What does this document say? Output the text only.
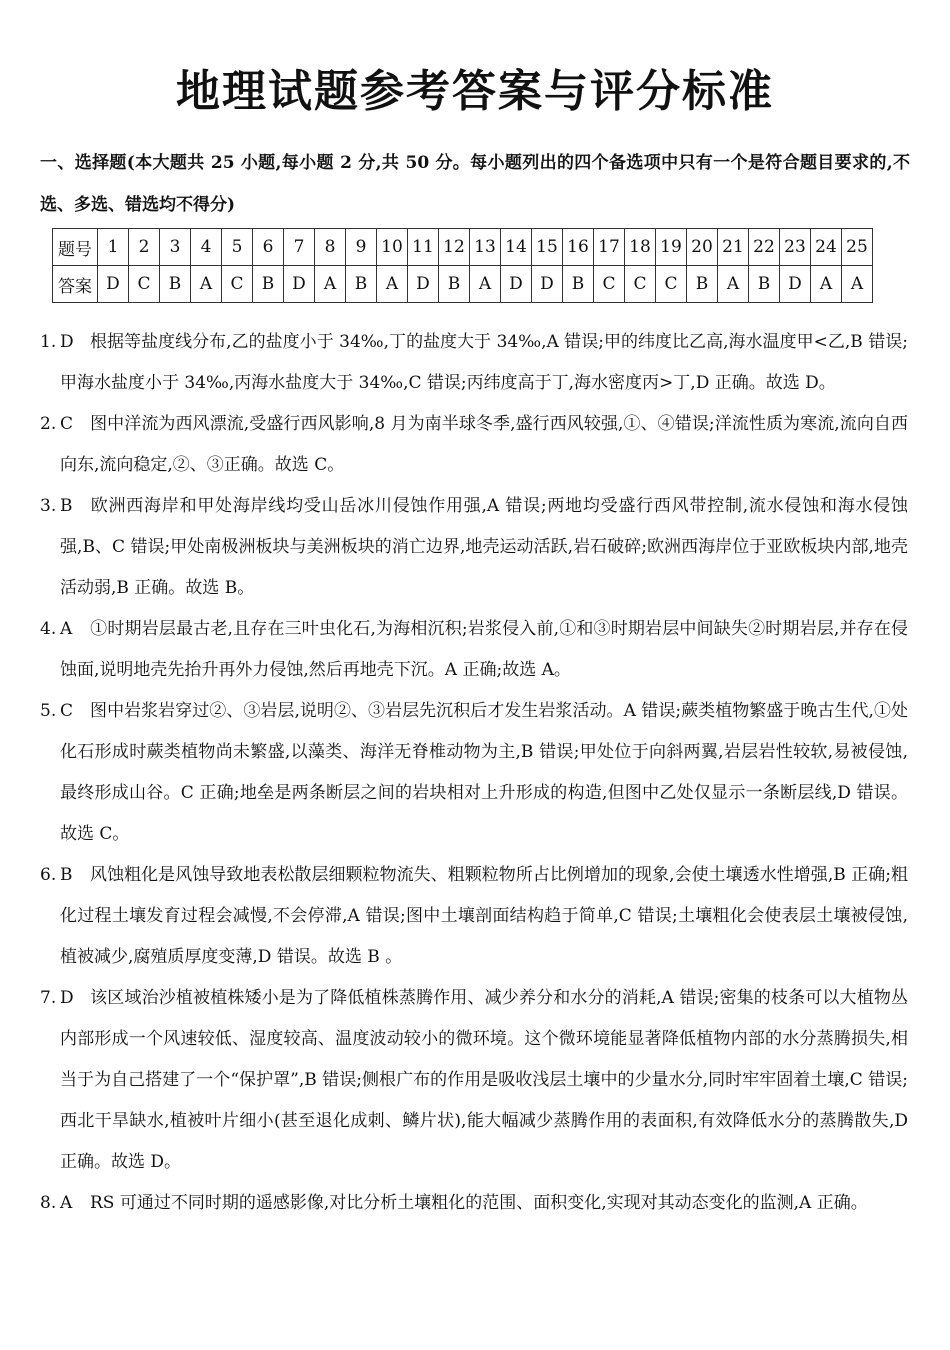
地理试题参考答案与评分标准
一、选择题(本大题共 25 小题,每小题 2 分,共 50 分。每小题列出的四个备选项中只有一个是符合题目要求的,不选、多选、错选均不得分)
题号	1	2	3	4	5	6	7	8	9	10	11	12	13	14	15	16	17	18	19	20	21	22	23	24	25
答案	D	C	B	A	C	B	D	A	B	A	D	B	A	D	D	B	C	C	C	B	A	B	D	A	A
1. D 根据等盐度线分布,乙的盐度小于 34‰,丁的盐度大于 34‰,A 错误;甲的纬度比乙高,海水温度甲<乙,B 错误;甲海水盐度小于 34‰,丙海水盐度大于 34‰,C 错误;丙纬度高于丁,海水密度丙>丁,D 正确。故选 D。
2. C 图中洋流为西风漂流,受盛行西风影响,8 月为南半球冬季,盛行西风较强,①、④错误;洋流性质为寒流,流向自西向东,流向稳定,②、③正确。故选 C。
3. B 欧洲西海岸和甲处海岸线均受山岳冰川侵蚀作用强,A 错误;两地均受盛行西风带控制,流水侵蚀和海水侵蚀强,B、C 错误;甲处南极洲板块与美洲板块的消亡边界,地壳运动活跃,岩石破碎;欧洲西海岸位于亚欧板块内部,地壳活动弱,B 正确。故选 B。
4. A ①时期岩层最古老,且存在三叶虫化石,为海相沉积;岩浆侵入前,①和③时期岩层中间缺失②时期岩层,并存在侵蚀面,说明地壳先抬升再外力侵蚀,然后再地壳下沉。A 正确;故选 A。
5. C 图中岩浆岩穿过②、③岩层,说明②、③岩层先沉积后才发生岩浆活动。A 错误;蕨类植物繁盛于晚古生代,①处化石形成时蕨类植物尚未繁盛,以藻类、海洋无脊椎动物为主,B 错误;甲处位于向斜两翼,岩层岩性较软,易被侵蚀,最终形成山谷。C 正确;地垒是两条断层之间的岩块相对上升形成的构造,但图中乙处仅显示一条断层线,D 错误。故选 C。
6. B 风蚀粗化是风蚀导致地表松散层细颗粒物流失、粗颗粒物所占比例增加的现象,会使土壤透水性增强,B 正确;粗化过程土壤发育过程会减慢,不会停滞,A 错误;图中土壤剖面结构趋于简单,C 错误;土壤粗化会使表层土壤被侵蚀,植被减少,腐殖质厚度变薄,D 错误。故选 B 。
7. D 该区域治沙植被植株矮小是为了降低植株蒸腾作用、减少养分和水分的消耗,A 错误;密集的枝条可以大植物丛内部形成一个风速较低、湿度较高、温度波动较小的微环境。这个微环境能显著降低植物内部的水分蒸腾损失,相当于为自己搭建了一个“保护罩”,B 错误;侧根广布的作用是吸收浅层土壤中的少量水分,同时牢牢固着土壤,C 错误;西北干旱缺水,植被叶片细小(甚至退化成刺、鳞片状),能大幅减少蒸腾作用的表面积,有效降低水分的蒸腾散失,D 正确。故选 D。
8. A RS 可通过不同时期的遥感影像,对比分析土壤粗化的范围、面积变化,实现对其动态变化的监测,A 正确。
